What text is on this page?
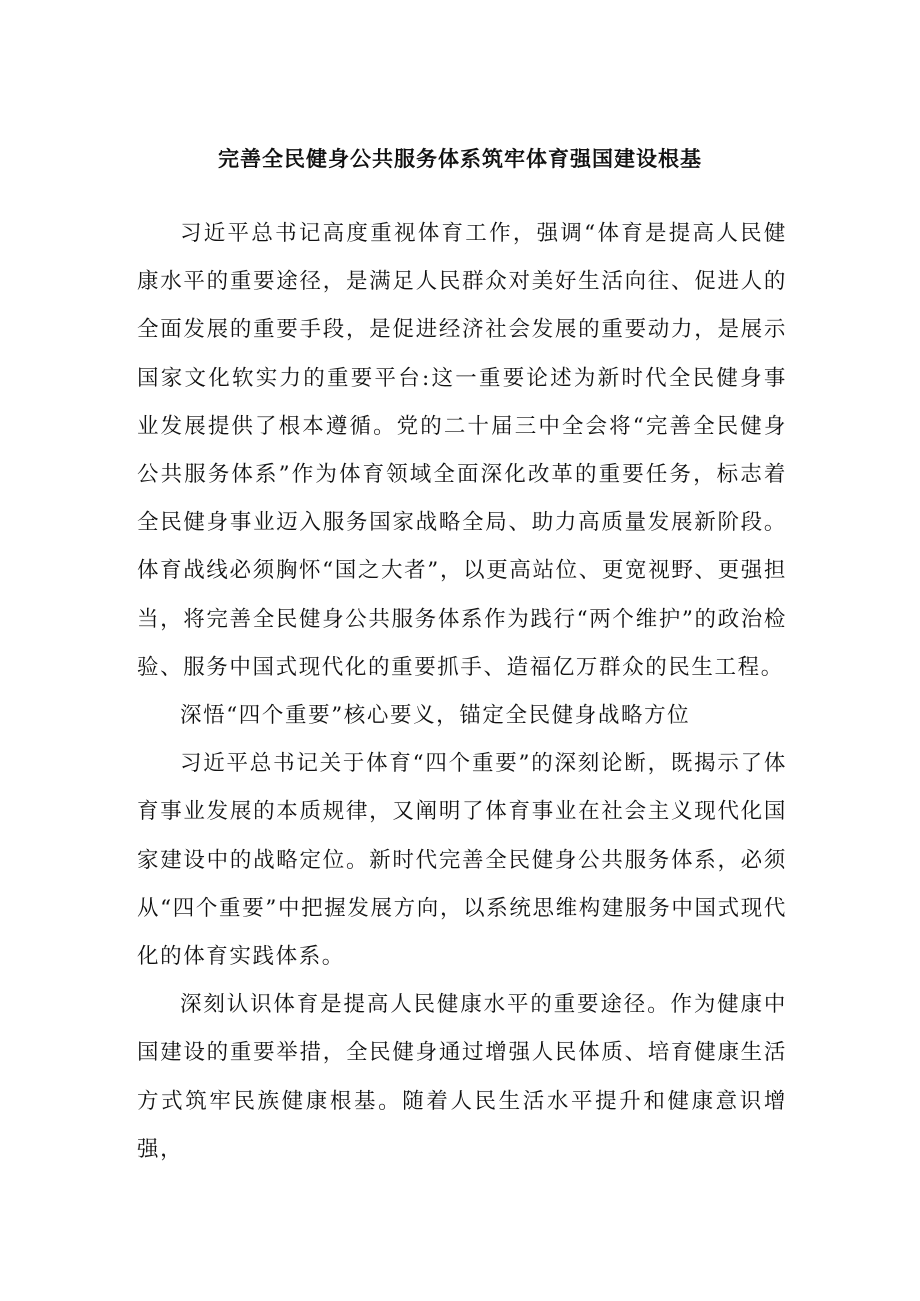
完善全民健身公共服务体系筑牢体育强国建设根基

习近平总书记高度重视体育工作，强调“体育是提高人民健康水平的重要途径，是满足人民群众对美好生活向往、促进人的全面发展的重要手段，是促进经济社会发展的重要动力，是展示国家文化软实力的重要平台:这一重要论述为新时代全民健身事业发展提供了根本遵循。党的二十届三中全会将“完善全民健身公共服务体系”作为体育领域全面深化改革的重要任务，标志着全民健身事业迈入服务国家战略全局、助力高质量发展新阶段。体育战线必须胸怀“国之大者”，以更高站位、更宽视野、更强担当，将完善全民健身公共服务体系作为践行“两个维护”的政治检验、服务中国式现代化的重要抓手、造福亿万群众的民生工程。

深悟“四个重要”核心要义，锚定全民健身战略方位

习近平总书记关于体育“四个重要”的深刻论断，既揭示了体育事业发展的本质规律，又阐明了体育事业在社会主义现代化国家建设中的战略定位。新时代完善全民健身公共服务体系，必须从“四个重要”中把握发展方向，以系统思维构建服务中国式现代化的体育实践体系。

深刻认识体育是提高人民健康水平的重要途径。作为健康中国建设的重要举措，全民健身通过增强人民体质、培育健康生活方式筑牢民族健康根基。随着人民生活水平提升和健康意识增强，
